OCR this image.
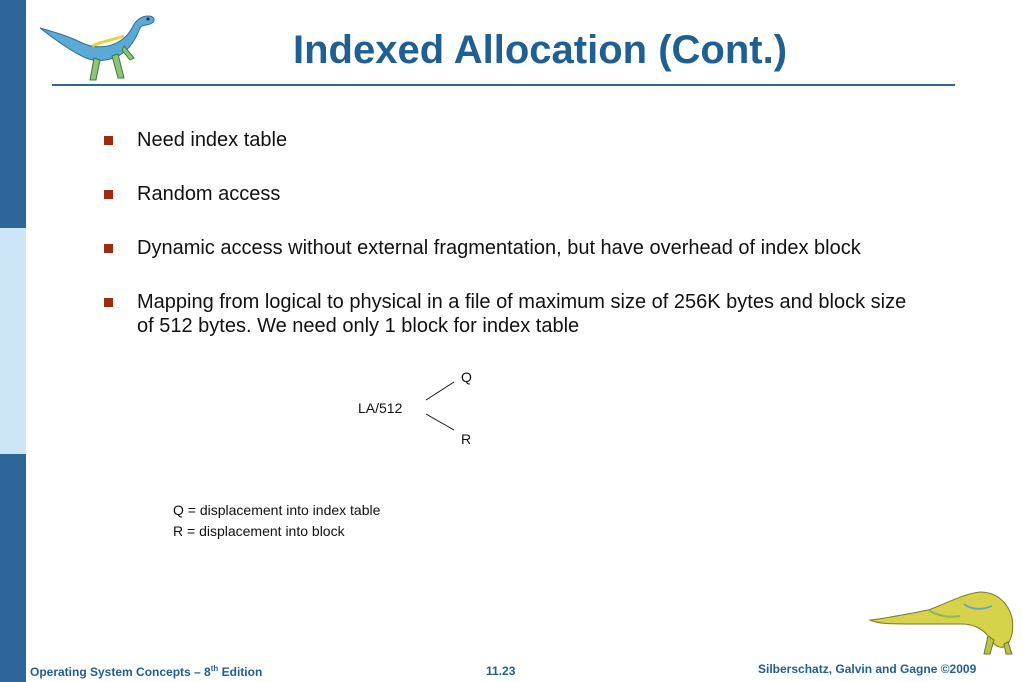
Indexed Allocation (Cont.)
Need index table
Random access
Dynamic access without external fragmentation, but have overhead of index block
Mapping from logical to physical in a file of maximum size of 256K bytes and block size of 512 bytes. We need only 1 block for index table
Q
LA/512
R
Q = displacement into index table
R = displacement into block
Operating System Concepts – 8th Edition	11.23	Silberschatz, Galvin and Gagne ©2009
